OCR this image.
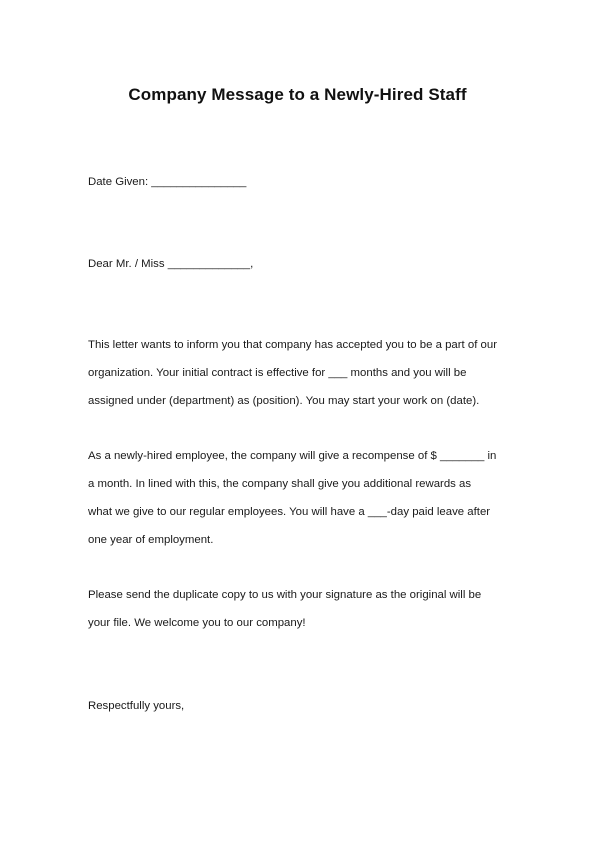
Company Message to a Newly-Hired Staff
Date Given: _______________
Dear Mr. / Miss _____________,
This letter wants to inform you that company has accepted you to be a part of our
organization. Your initial contract is effective for ___ months and you will be
assigned under (department) as (position). You may start your work on (date).
As a newly-hired employee, the company will give a recompense of $ _______ in
a month. In lined with this, the company shall give you additional rewards as
what we give to our regular employees. You will have a ___-day paid leave after
one year of employment.
Please send the duplicate copy to us with your signature as the original will be
your file. We welcome you to our company!
Respectfully yours,
